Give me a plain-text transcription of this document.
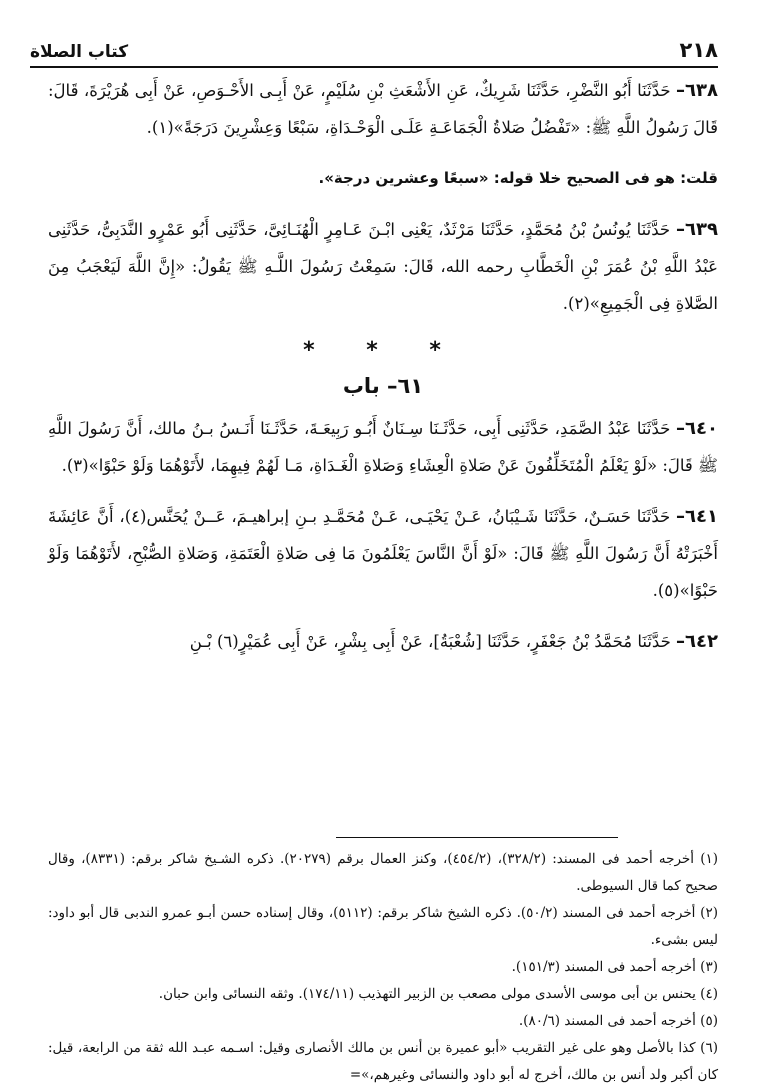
٢١٨
كتاب الصلاة

٦٣٨– حَدَّثَنَا أَبُو النَّضْرِ، حَدَّثَنَا شَرِيكٌ، عَنِ الأَشْعَثِ بْنِ سُلَيْمٍ، عَنْ أَبِـى الأَحْـوَصِ، عَنْ أَبِى هُرَيْرَةَ، قَالَ: قَالَ رَسُولُ اللَّهِ ﷺ: «تَفْضُلُ صَلاةُ الْجَمَاعَـةِ عَلَـى الْوَحْـدَاةِ، سَبْعًا وَعِشْرِينَ دَرَجَةً»(١).

قلت: هو فى الصحيح خلا قوله: «سبعًا وعشرين درجة».

٦٣٩– حَدَّثَنَا يُونُسُ بْنُ مُحَمَّدٍ، حَدَّثَنَا مَرْثَدٌ، يَعْنِى ابْـنَ عَـامِرٍ الْهُنَـائِىَّ، حَدَّثَنِى أَبُو عَمْرٍو النَّدَبِىُّ، حَدَّثَنِى عَبْدُ اللَّهِ بْنُ عُمَرَ بْنِ الْخَطَّابِ رحمه الله، قَالَ: سَمِعْتُ رَسُولَ اللَّـهِ ﷺ يَقُولُ: «إِنَّ اللَّهَ لَيَعْجَبُ مِنَ الصَّلاةِ فِى الْجَمِيعِ»(٢).

* * *
٦١– باب

٦٤٠– حَدَّثَنَا عَبْدُ الصَّمَدِ، حَدَّثَنِى أَبِى، حَدَّثَـنَا سِـنَانٌ أَبُـو رَبِيعَـةَ، حَدَّثَـنَا أَنَـسُ بـنُ مالك، أَنَّ رَسُولَ اللَّهِ ﷺ قَالَ: «لَوْ يَعْلَمُ الْمُتَخَلِّفُونَ عَنْ صَلاةِ الْعِشَاءِ وَصَلاةِ الْغَـدَاةِ، مَـا لَهُمْ فِيهِمَا، لأَتَوْهُمَا وَلَوْ حَبْوًا»(٣).

٦٤١– حَدَّثَنَا حَسَـنٌ، حَدَّثَنَا شَـيْبَانُ، عَـنْ يَحْيَـى، عَـنْ مُحَمَّـدِ بـنِ إبراهيـمَ، عَــنْ يُحَنَّس(٤)، أَنَّ عَائِشَةَ أَخْبَرَتْهُ أَنَّ رَسُولَ اللَّهِ ﷺ قَالَ: «لَوْ أَنَّ النَّاسَ يَعْلَمُونَ مَا فِى صَلاةِ الْعَتَمَةِ، وَصَلاةِ الصُّبْحِ، لأَتَوْهُمَا وَلَوْ حَبْوًا»(٥).

٦٤٢– حَدَّثَنَا مُحَمَّدُ بْنُ جَعْفَرٍ، حَدَّثَنَا [شُعْبَةُ]، عَنْ أَبِى بِشْرٍ، عَنْ أَبِى عُمَيْرٍ(٦) بْـنِ

(١) أخرجه أحمد فى المسند: (٣٢٨/٢)، (٤٥٤/٢)، وكنز العمال برقم (٢٠٢٧٩). ذكره الشـيخ شاكر برقم: (٨٣٣١)، وقال صحيح كما قال السيوطى.

(٢) أخرجه أحمد فى المسند (٥٠/٢). ذكره الشيخ شاكر برقم: (٥١١٢)، وقال إسناده حسن أبـو عمرو الندبى قال أبو داود: ليس بشىء.

(٣) أخرجه أحمد فى المسند (١٥١/٣).

(٤) يحنس بن أبى موسى الأسدى مولى مصعب بن الزبير التهذيب (١٧٤/١١). وثقه النسائى وابن حبان.

(٥) أخرجه أحمد فى المسند (٨٠/٦).

(٦) كذا بالأصل وهو على غير التقريب «أبو عميرة بن أنس بن مالك الأنصارى وقيل: اسـمه عبـد الله ثقة من الرابعة، قيل: كان أكبر ولد أنس بن مالك، أخرج له أبو داود والنسائى وغيرهم،»=
